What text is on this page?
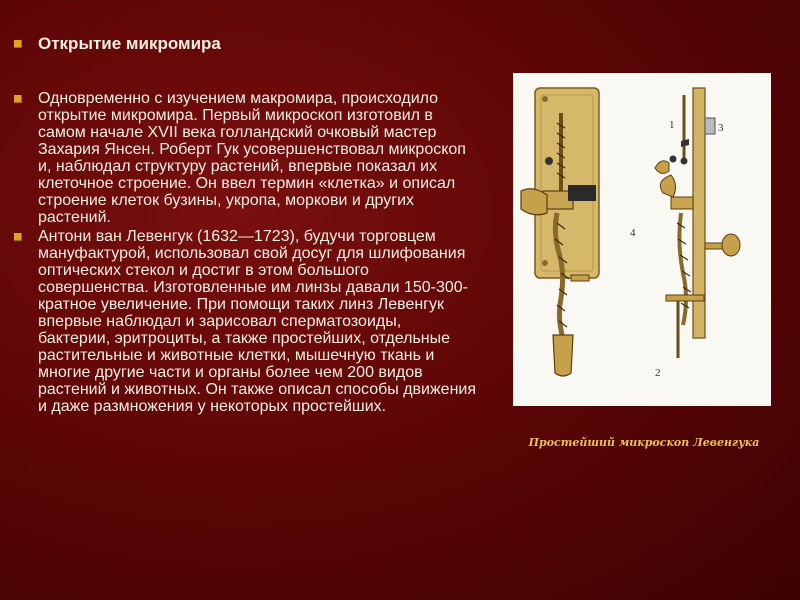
Открытие микромира
Одновременно с изучением макромира, происходило открытие микромира. Первый микроскоп изготовил в самом начале XVII века голландский очковый мастер Захария Янсен. Роберт Гук усовершенствовал микроскоп и, наблюдал структуру растений, впервые показал их клеточное строение. Он ввел термин «клетка» и описал строение клеток бузины, укропа, моркови и других растений.
Антони ван Левенгук (1632—1723), будучи торговцем мануфактурой, использовал свой досуг для шлифования оптических стекол и достиг в этом большого совершенства. Изготовленные им линзы давали 150-300-кратное увеличение. При помощи таких линз Левенгук впервые наблюдал и зарисовал сперматозоиды, бактерии, эритроциты, а также простейших, отдельные растительные и животные клетки, мышечную ткань и многие другие части и органы более чем 200 видов растений и животных. Он также описал способы движения и даже размножения у некоторых простейших.
1
2
3
4
Простейший микроскоп Левенгука
